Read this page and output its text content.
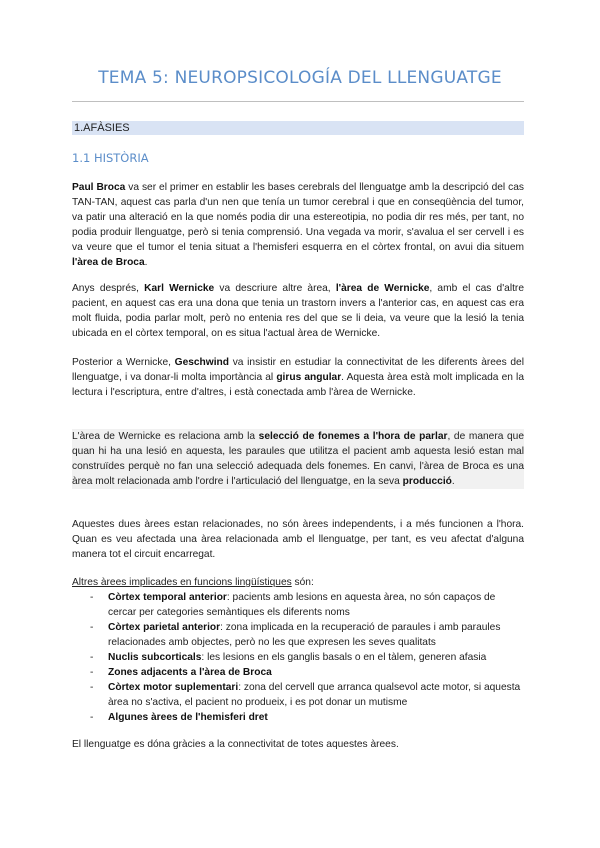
TEMA 5: NEUROPSICOLOGÍA DEL LLENGUATGE
1.AFÀSIES
1.1 HISTÒRIA

Paul Broca va ser el primer en establir les bases cerebrals del llenguatge amb la descripció del cas TAN-TAN, aquest cas parla d'un nen que tenía un tumor cerebral i que en conseqüència del tumor, va patir una alteració en la que només podia dir una estereotipia, no podia dir res més, per tant, no podia produir llenguatge, però si tenia comprensió. Una vegada va morir, s'avalua el ser cervell i es va veure que el tumor el tenia situat a l'hemisferi esquerra en el còrtex frontal, on avui dia situem l'àrea de Broca.

Anys després, Karl Wernicke va descriure altre àrea, l'àrea de Wernicke, amb el cas d'altre pacient, en aquest cas era una dona que tenia un trastorn invers a l'anterior cas, en aquest cas era molt fluida, podia parlar molt, però no entenia res del que se li deia, va veure que la lesió la tenia ubicada en el còrtex temporal, on es situa l'actual àrea de Wernicke.

Posterior a Wernicke, Geschwind va insistir en estudiar la connectivitat de les diferents àrees del llenguatge, i va donar-li molta importància al girus angular. Aquesta àrea està molt implicada en la lectura i l'escriptura, entre d'altres, i està conectada amb l'àrea de Wernicke.

L'àrea de Wernicke es relaciona amb la selecció de fonemes a l'hora de parlar, de manera que quan hi ha una lesió en aquesta, les paraules que utilitza el pacient amb aquesta lesió estan mal construïdes perquè no fan una selecció adequada dels fonemes. En canvi, l'àrea de Broca es una àrea molt relacionada amb l'ordre i l'articulació del llenguatge, en la seva producció.

Aquestes dues àrees estan relacionades, no són àrees independents, i a més funcionen a l'hora. Quan es veu afectada una àrea relacionada amb el llenguatge, per tant, es veu afectat d'alguna manera tot el circuit encarregat.

Altres àrees implicades en funcions lingüístiques són:
- Còrtex temporal anterior: pacients amb lesions en aquesta àrea, no són capaços de cercar per categories semàntiques els diferents noms
- Còrtex parietal anterior: zona implicada en la recuperació de paraules i amb paraules relacionades amb objectes, però no les que expresen les seves qualitats
- Nuclis subcorticals: les lesions en els ganglis basals o en el tàlem, generen afasia
- Zones adjacents a l'àrea de Broca
- Còrtex motor suplementari: zona del cervell que arranca qualsevol acte motor, si aquesta àrea no s'activa, el pacient no produeix, i es pot donar un mutisme
- Algunes àrees de l'hemisferi dret

El llenguatge es dóna gràcies a la connectivitat de totes aquestes àrees.
